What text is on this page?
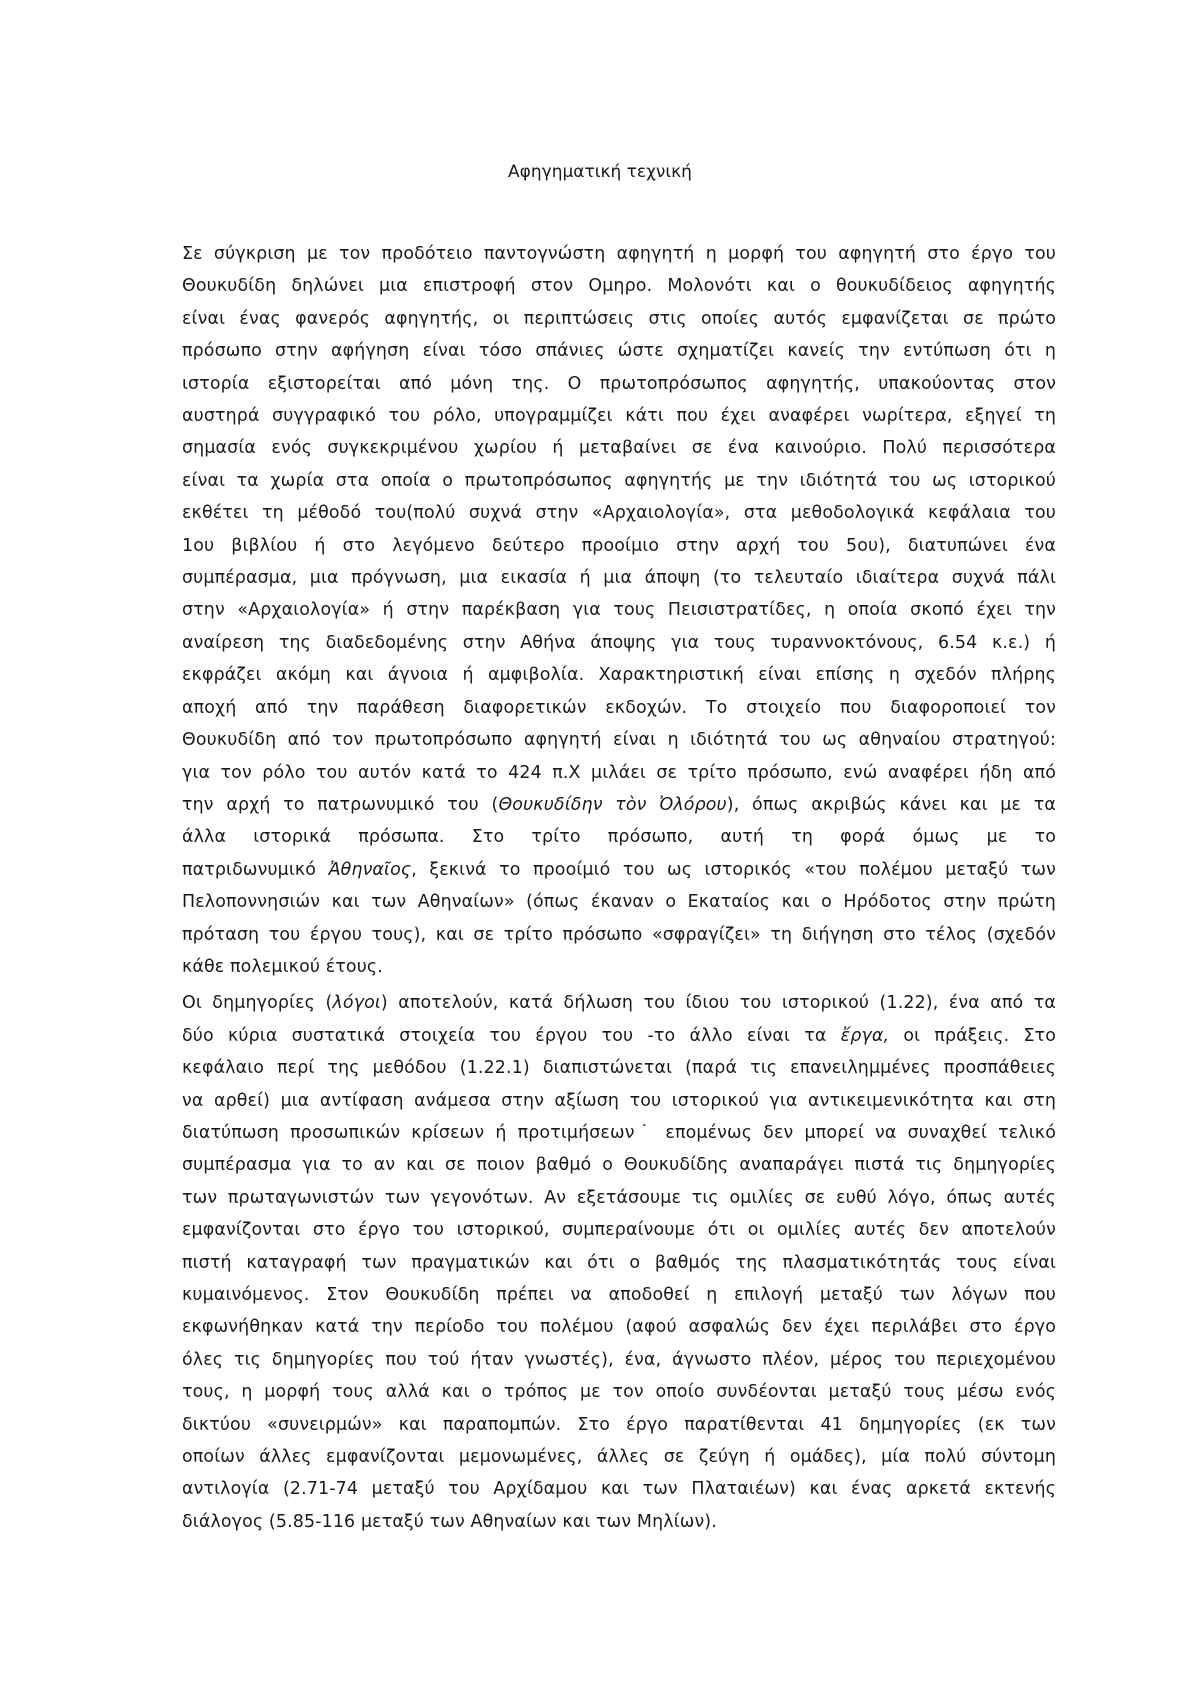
Αφηγηματική τεχνική

Σε σύγκριση με τον προδότειο παντογνώστη αφηγητή η μορφή του αφηγητή στο έργο του
Θουκυδίδη δηλώνει μια επιστροφή στον Ομηρο. Μολονότι και ο θουκυδίδειος αφηγητής
είναι ένας φανερός αφηγητής, οι περιπτώσεις στις οποίες αυτός εμφανίζεται σε πρώτο
πρόσωπο στην αφήγηση είναι τόσο σπάνιες ώστε σχηματίζει κανείς την εντύπωση ότι η
ιστορία εξιστορείται από μόνη της. Ο πρωτοπρόσωπος αφηγητής, υπακούοντας στον
αυστηρά συγγραφικό του ρόλο, υπογραμμίζει κάτι που έχει αναφέρει νωρίτερα, εξηγεί τη
σημασία ενός συγκεκριμένου χωρίου ή μεταβαίνει σε ένα καινούριο. Πολύ περισσότερα
είναι τα χωρία στα οποία ο πρωτοπρόσωπος αφηγητής με την ιδιότητά του ως ιστορικού
εκθέτει τη μέθοδό του(πολύ συχνά στην «Αρχαιολογία», στα μεθοδολογικά κεφάλαια του
1ου βιβλίου ή στο λεγόμενο δεύτερο προοίμιο στην αρχή του 5ου), διατυπώνει ένα
συμπέρασμα, μια πρόγνωση, μια εικασία ή μια άποψη (το τελευταίο ιδιαίτερα συχνά πάλι
στην «Αρχαιολογία» ή στην παρέκβαση για τους Πεισιστρατίδες, η οποία σκοπό έχει την
αναίρεση της διαδεδομένης στην Αθήνα άποψης για τους τυραννοκτόνους, 6.54 κ.ε.) ή
εκφράζει ακόμη και άγνοια ή αμφιβολία. Χαρακτηριστική είναι επίσης η σχεδόν πλήρης
αποχή από την παράθεση διαφορετικών εκδοχών. Το στοιχείο που διαφοροποιεί τον
Θουκυδίδη από τον πρωτοπρόσωπο αφηγητή είναι η ιδιότητά του ως αθηναίου στρατηγού:
για τον ρόλο του αυτόν κατά το 424 π.Χ μιλάει σε τρίτο πρόσωπο, ενώ αναφέρει ήδη από
την αρχή το πατρωνυμικό του (Θουκυδίδην τὸν Ὀλόρου), όπως ακριβώς κάνει και με τα
άλλα ιστορικά πρόσωπα. Στο τρίτο πρόσωπο, αυτή τη φορά όμως με το
πατριδωνυμικό Ἀθηναῖος, ξεκινά το προοίμιό του ως ιστορικός «του πολέμου μεταξύ των
Πελοποννησιών και των Αθηναίων» (όπως έκαναν ο Εκαταίος και ο Ηρόδοτος στην πρώτη
πρόταση του έργου τους), και σε τρίτο πρόσωπο «σφραγίζει» τη διήγηση στο τέλος (σχεδόν
κάθε πολεμικού έτους.

Οι δημηγορίες (λόγοι) αποτελούν, κατά δήλωση του ίδιου του ιστορικού (1.22), ένα από τα
δύο κύρια συστατικά στοιχεία του έργου του -το άλλο είναι τα ἔργα, οι πράξεις. Στο
κεφάλαιο περί της μεθόδου (1.22.1) διαπιστώνεται (παρά τις επανειλημμένες προσπάθειες
να αρθεί) μια αντίφαση ανάμεσα στην αξίωση του ιστορικού για αντικειμενικότητα και στη
διατύπωση προσωπικών κρίσεων ή προτιμήσεων˙ επομένως δεν μπορεί να συναχθεί τελικό
συμπέρασμα για το αν και σε ποιον βαθμό ο Θουκυδίδης αναπαράγει πιστά τις δημηγορίες
των πρωταγωνιστών των γεγονότων. Αν εξετάσουμε τις ομιλίες σε ευθύ λόγο, όπως αυτές
εμφανίζονται στο έργο του ιστορικού, συμπεραίνουμε ότι οι ομιλίες αυτές δεν αποτελούν
πιστή καταγραφή των πραγματικών και ότι ο βαθμός της πλασματικότητάς τους είναι
κυμαινόμενος. Στον Θουκυδίδη πρέπει να αποδοθεί η επιλογή μεταξύ των λόγων που
εκφωνήθηκαν κατά την περίοδο του πολέμου (αφού ασφαλώς δεν έχει περιλάβει στο έργο
όλες τις δημηγορίες που τού ήταν γνωστές), ένα, άγνωστο πλέον, μέρος του περιεχομένου
τους, η μορφή τους αλλά και ο τρόπος με τον οποίο συνδέονται μεταξύ τους μέσω ενός
δικτύου «συνειρμών» και παραπομπών. Στο έργο παρατίθενται 41 δημηγορίες (εκ των
οποίων άλλες εμφανίζονται μεμονωμένες, άλλες σε ζεύγη ή ομάδες), μία πολύ σύντομη
αντιλογία (2.71-74 μεταξύ του Αρχίδαμου και των Πλαταιέων) και ένας αρκετά εκτενής
διάλογος (5.85-116 μεταξύ των Αθηναίων και των Μηλίων).
